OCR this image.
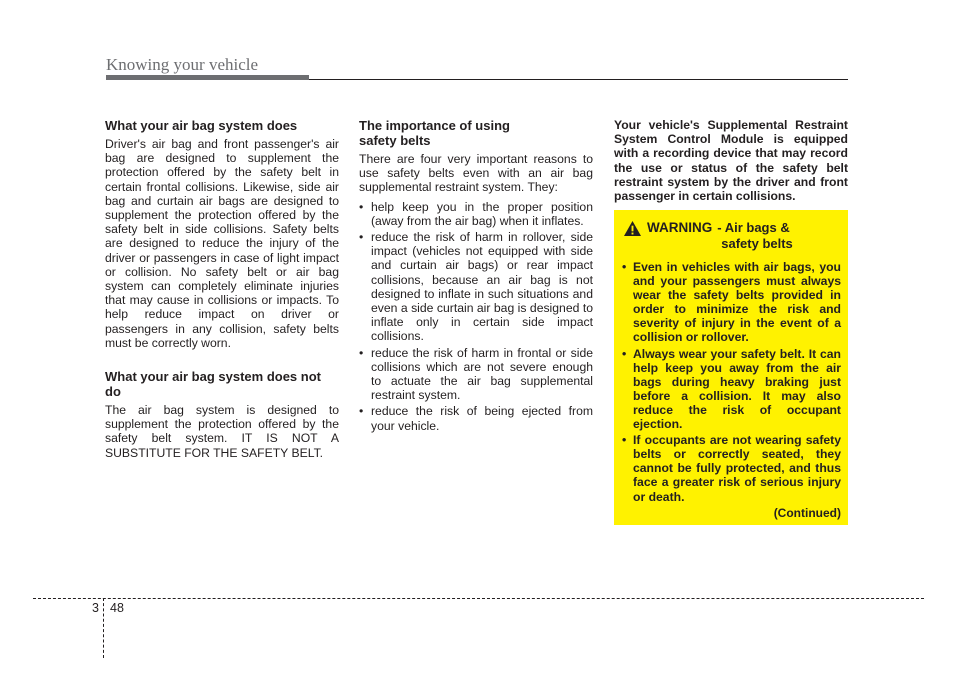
Knowing your vehicle
What your air bag system does

Driver's air bag and front passenger's air bag are designed to supplement the protection offered by the safety belt in certain frontal collisions. Likewise, side air bag and curtain air bags are designed to supplement the protection offered by the safety belt in side collisions. Safety belts are designed to reduce the injury of the driver or passengers in case of light impact or collision. No safety belt or air bag system can completely eliminate injuries that may cause in collisions or impacts. To help reduce impact on driver or passengers in any collision, safety belts must be correctly worn.

What your air bag system does not do

The air bag system is designed to supplement the protection offered by the safety belt system. IT IS NOT A SUBSTITUTE FOR THE SAFETY BELT.

The importance of using safety belts

There are four very important reasons to use safety belts even with an air bag supplemental restraint system. They:

• help keep you in the proper position (away from the air bag) when it inflates.
• reduce the risk of harm in rollover, side impact (vehicles not equipped with side and curtain air bags) or rear impact collisions, because an air bag is not designed to inflate in such situations and even a side curtain air bag is designed to inflate only in certain side impact collisions.
• reduce the risk of harm in frontal or side collisions which are not severe enough to actuate the air bag supplemental restraint system.
• reduce the risk of being ejected from your vehicle.

Your vehicle's Supplemental Restraint System Control Module is equipped with a recording device that may record the use or status of the safety belt restraint system by the driver and front passenger in certain collisions.

WARNING - Air bags &
safety belts
• Even in vehicles with air bags, you and your passengers must always wear the safety belts provided in order to minimize the risk and severity of injury in the event of a collision or rollover.
• Always wear your safety belt. It can help keep you away from the air bags during heavy braking just before a collision. It may also reduce the risk of occupant ejection.
• If occupants are not wearing safety belts or correctly seated, they cannot be fully protected, and thus face a greater risk of serious injury or death.
(Continued)
3 48
